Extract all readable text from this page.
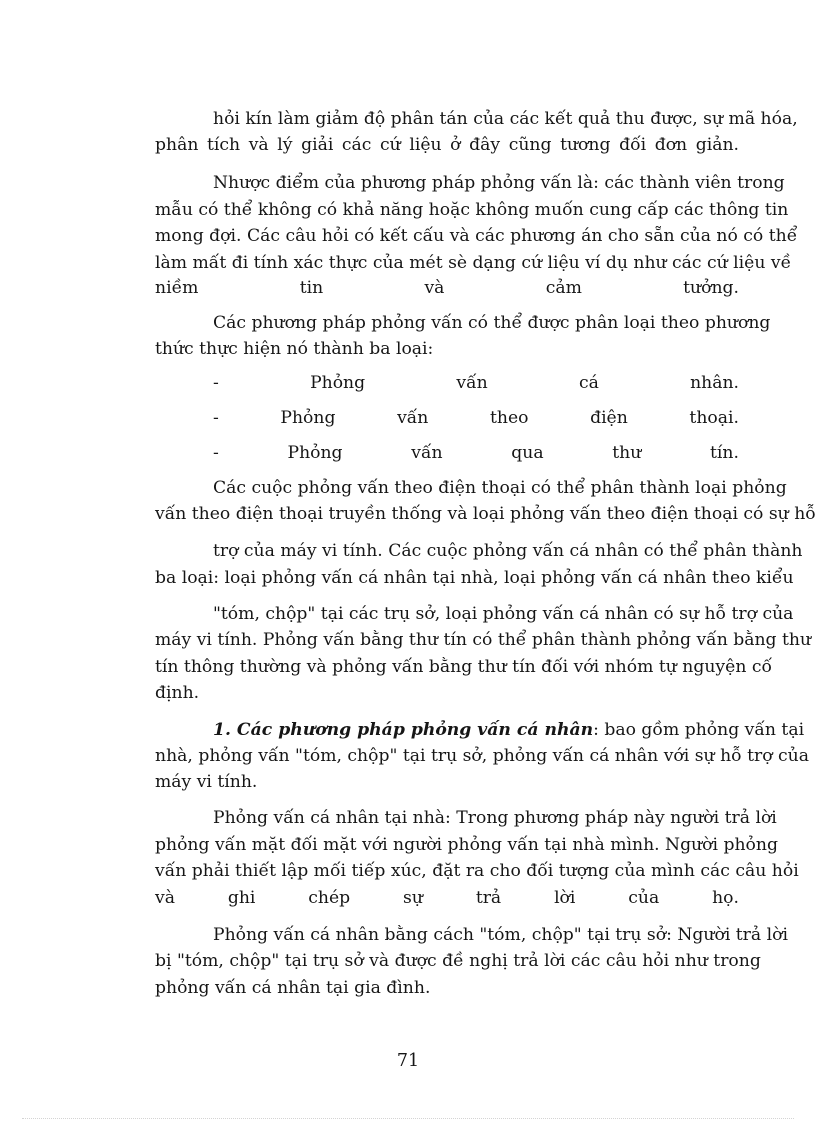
hỏi kín làm giảm độ phân tán của các kết quả thu được, sự mã hóa,
phân tích và lý giải các cứ liệu ở đây cũng tương đối đơn giản.
Nhược điểm của phương pháp phỏng vấn là: các thành viên trong
mẫu có thể không có khả năng hoặc không muốn cung cấp các thông tin
mong đợi. Các câu hỏi có kết cấu và các phương án cho sẵn của nó có thể
làm mất đi tính xác thực của mét sè dạng cứ liệu ví dụ như các cứ liệu về
niềm	tin	và	cảm	tưởng.
Các phương pháp phỏng vấn có thể được phân loại theo phương
thức thực hiện nó thành ba loại:
-	Phỏng	vấn	cá	nhân.
-	Phỏng	vấn	theo	điện	thoại.
-	Phỏng	vấn	qua	thư	tín.
Các cuộc phỏng vấn theo điện thoại có thể phân thành loại phỏng
vấn theo điện thoại truyền thống và loại phỏng vấn theo điện thoại có sự hỗ
trợ của máy vi tính. Các cuộc phỏng vấn cá nhân có thể phân thành
ba loại: loại phỏng vấn cá nhân tại nhà, loại phỏng vấn cá nhân theo kiểu
"tóm, chộp" tại các trụ sở, loại phỏng vấn cá nhân có sự hỗ trợ của
máy vi tính. Phỏng vấn bằng thư tín có thể phân thành phỏng vấn bằng thư
tín thông thường và phỏng vấn bằng thư tín đối với nhóm tự nguyện cố
định.
1. Các phương pháp phỏng vấn cá nhân : bao gồm phỏng vấn tại
nhà, phỏng vấn "tóm, chộp" tại trụ sở, phỏng vấn cá nhân với sự hỗ trợ của
máy vi tính.
Phỏng vấn cá nhân tại nhà: Trong phương pháp này người trả lời
phỏng vấn mặt đối mặt với người phỏng vấn tại nhà mình. Người phỏng
vấn phải thiết lập mối tiếp xúc, đặt ra cho đối tượng của mình các câu hỏi
và	ghi	chép	sự	trả	lời	của	họ.
Phỏng vấn cá nhân bằng cách "tóm, chộp" tại trụ sở: Người trả lời
bị "tóm, chộp" tại trụ sở và được đề nghị trả lời các câu hỏi như trong
phỏng vấn cá nhân tại gia đình.
71
